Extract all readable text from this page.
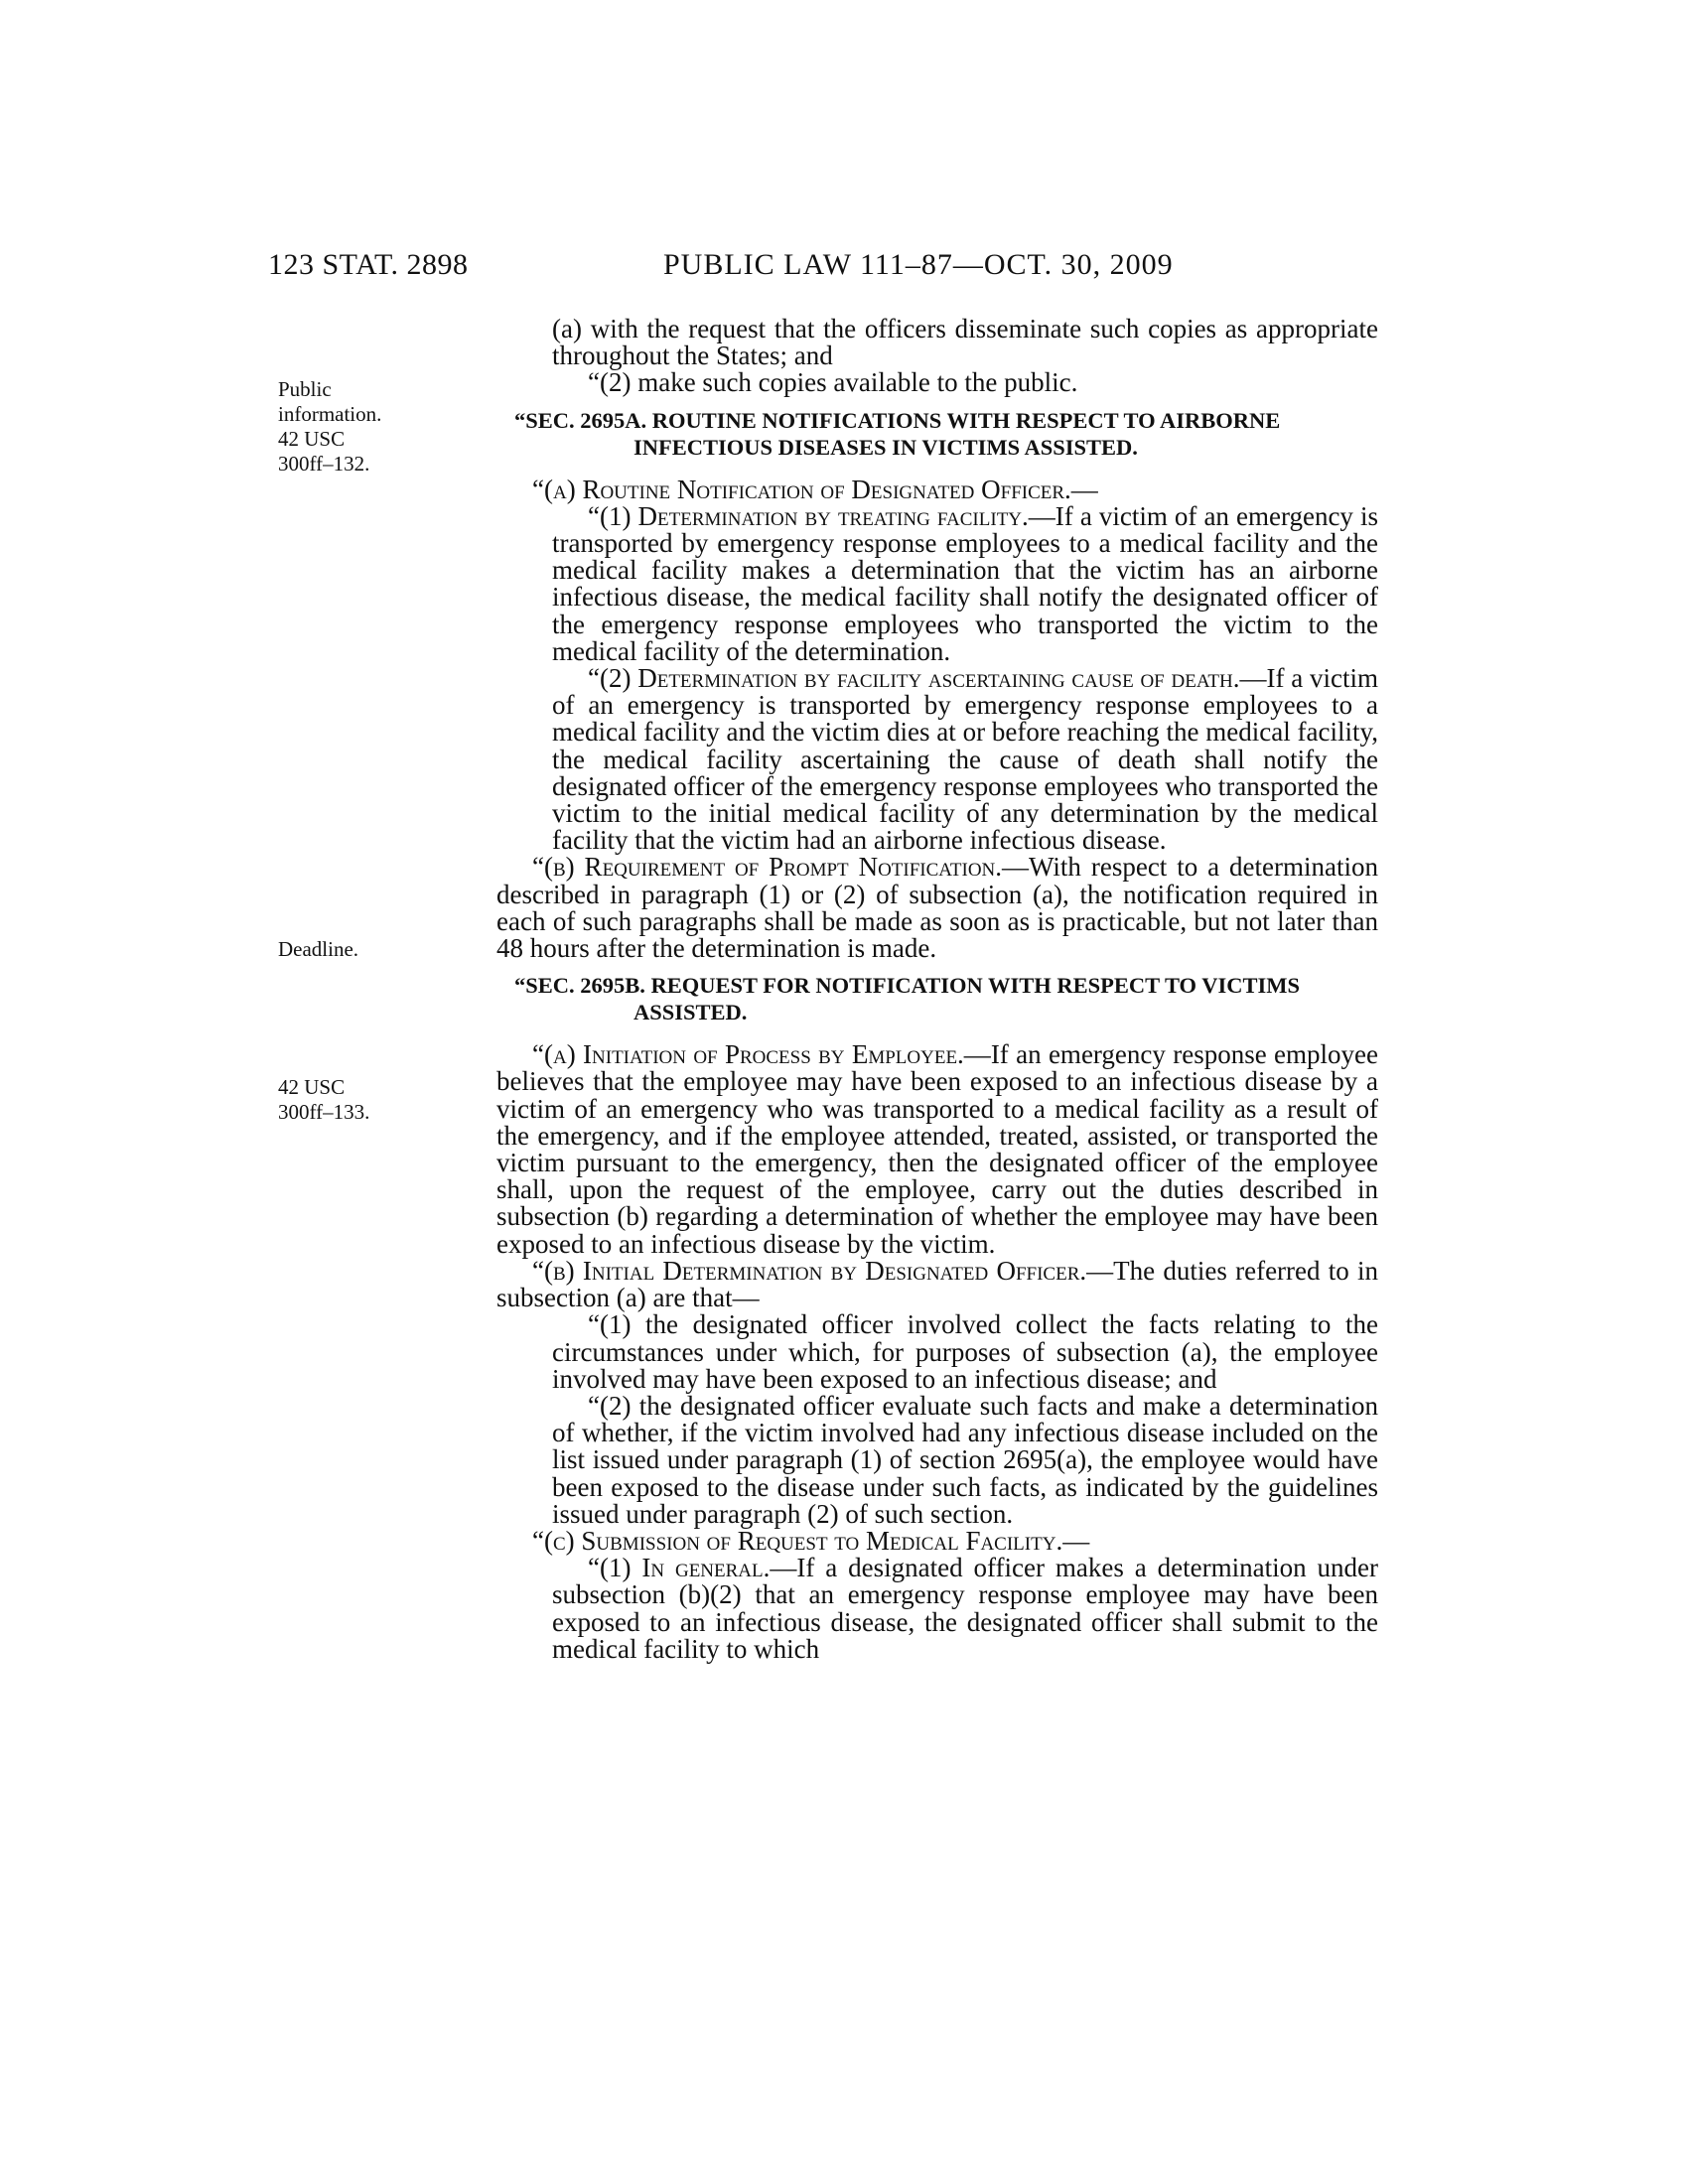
123 STAT. 2898	PUBLIC LAW 111–87—OCT. 30, 2009
Public
information.
42 USC
300ff–132.
Deadline.
42 USC
300ff–133.

(a) with the request that the officers disseminate such copies as appropriate throughout the States; and

“(2) make such copies available to the public.

“SEC. 2695A. ROUTINE NOTIFICATIONS WITH RESPECT TO AIRBORNE INFECTIOUS DISEASES IN VICTIMS ASSISTED.

“(a) Routine Notification of Designated Officer.—

“(1) Determination by treating facility.—If a victim of an emergency is transported by emergency response employees to a medical facility and the medical facility makes a determination that the victim has an airborne infectious disease, the medical facility shall notify the designated officer of the emergency response employees who transported the victim to the medical facility of the determination.

“(2) Determination by facility ascertaining cause of death.—If a victim of an emergency is transported by emergency response employees to a medical facility and the victim dies at or before reaching the medical facility, the medical facility ascertaining the cause of death shall notify the designated officer of the emergency response employees who transported the victim to the initial medical facility of any determination by the medical facility that the victim had an airborne infectious disease.

“(b) Requirement of Prompt Notification.—With respect to a determination described in paragraph (1) or (2) of subsection (a), the notification required in each of such paragraphs shall be made as soon as is practicable, but not later than 48 hours after the determination is made.

“SEC. 2695B. REQUEST FOR NOTIFICATION WITH RESPECT TO VICTIMS ASSISTED.

“(a) Initiation of Process by Employee.—If an emergency response employee believes that the employee may have been exposed to an infectious disease by a victim of an emergency who was transported to a medical facility as a result of the emergency, and if the employee attended, treated, assisted, or transported the victim pursuant to the emergency, then the designated officer of the employee shall, upon the request of the employee, carry out the duties described in subsection (b) regarding a determination of whether the employee may have been exposed to an infectious disease by the victim.

“(b) Initial Determination by Designated Officer.—The duties referred to in subsection (a) are that—

“(1) the designated officer involved collect the facts relating to the circumstances under which, for purposes of subsection (a), the employee involved may have been exposed to an infectious disease; and

“(2) the designated officer evaluate such facts and make a determination of whether, if the victim involved had any infectious disease included on the list issued under paragraph (1) of section 2695(a), the employee would have been exposed to the disease under such facts, as indicated by the guidelines issued under paragraph (2) of such section.

“(c) Submission of Request to Medical Facility.—

“(1) In general.—If a designated officer makes a determination under subsection (b)(2) that an emergency response employee may have been exposed to an infectious disease, the designated officer shall submit to the medical facility to which
